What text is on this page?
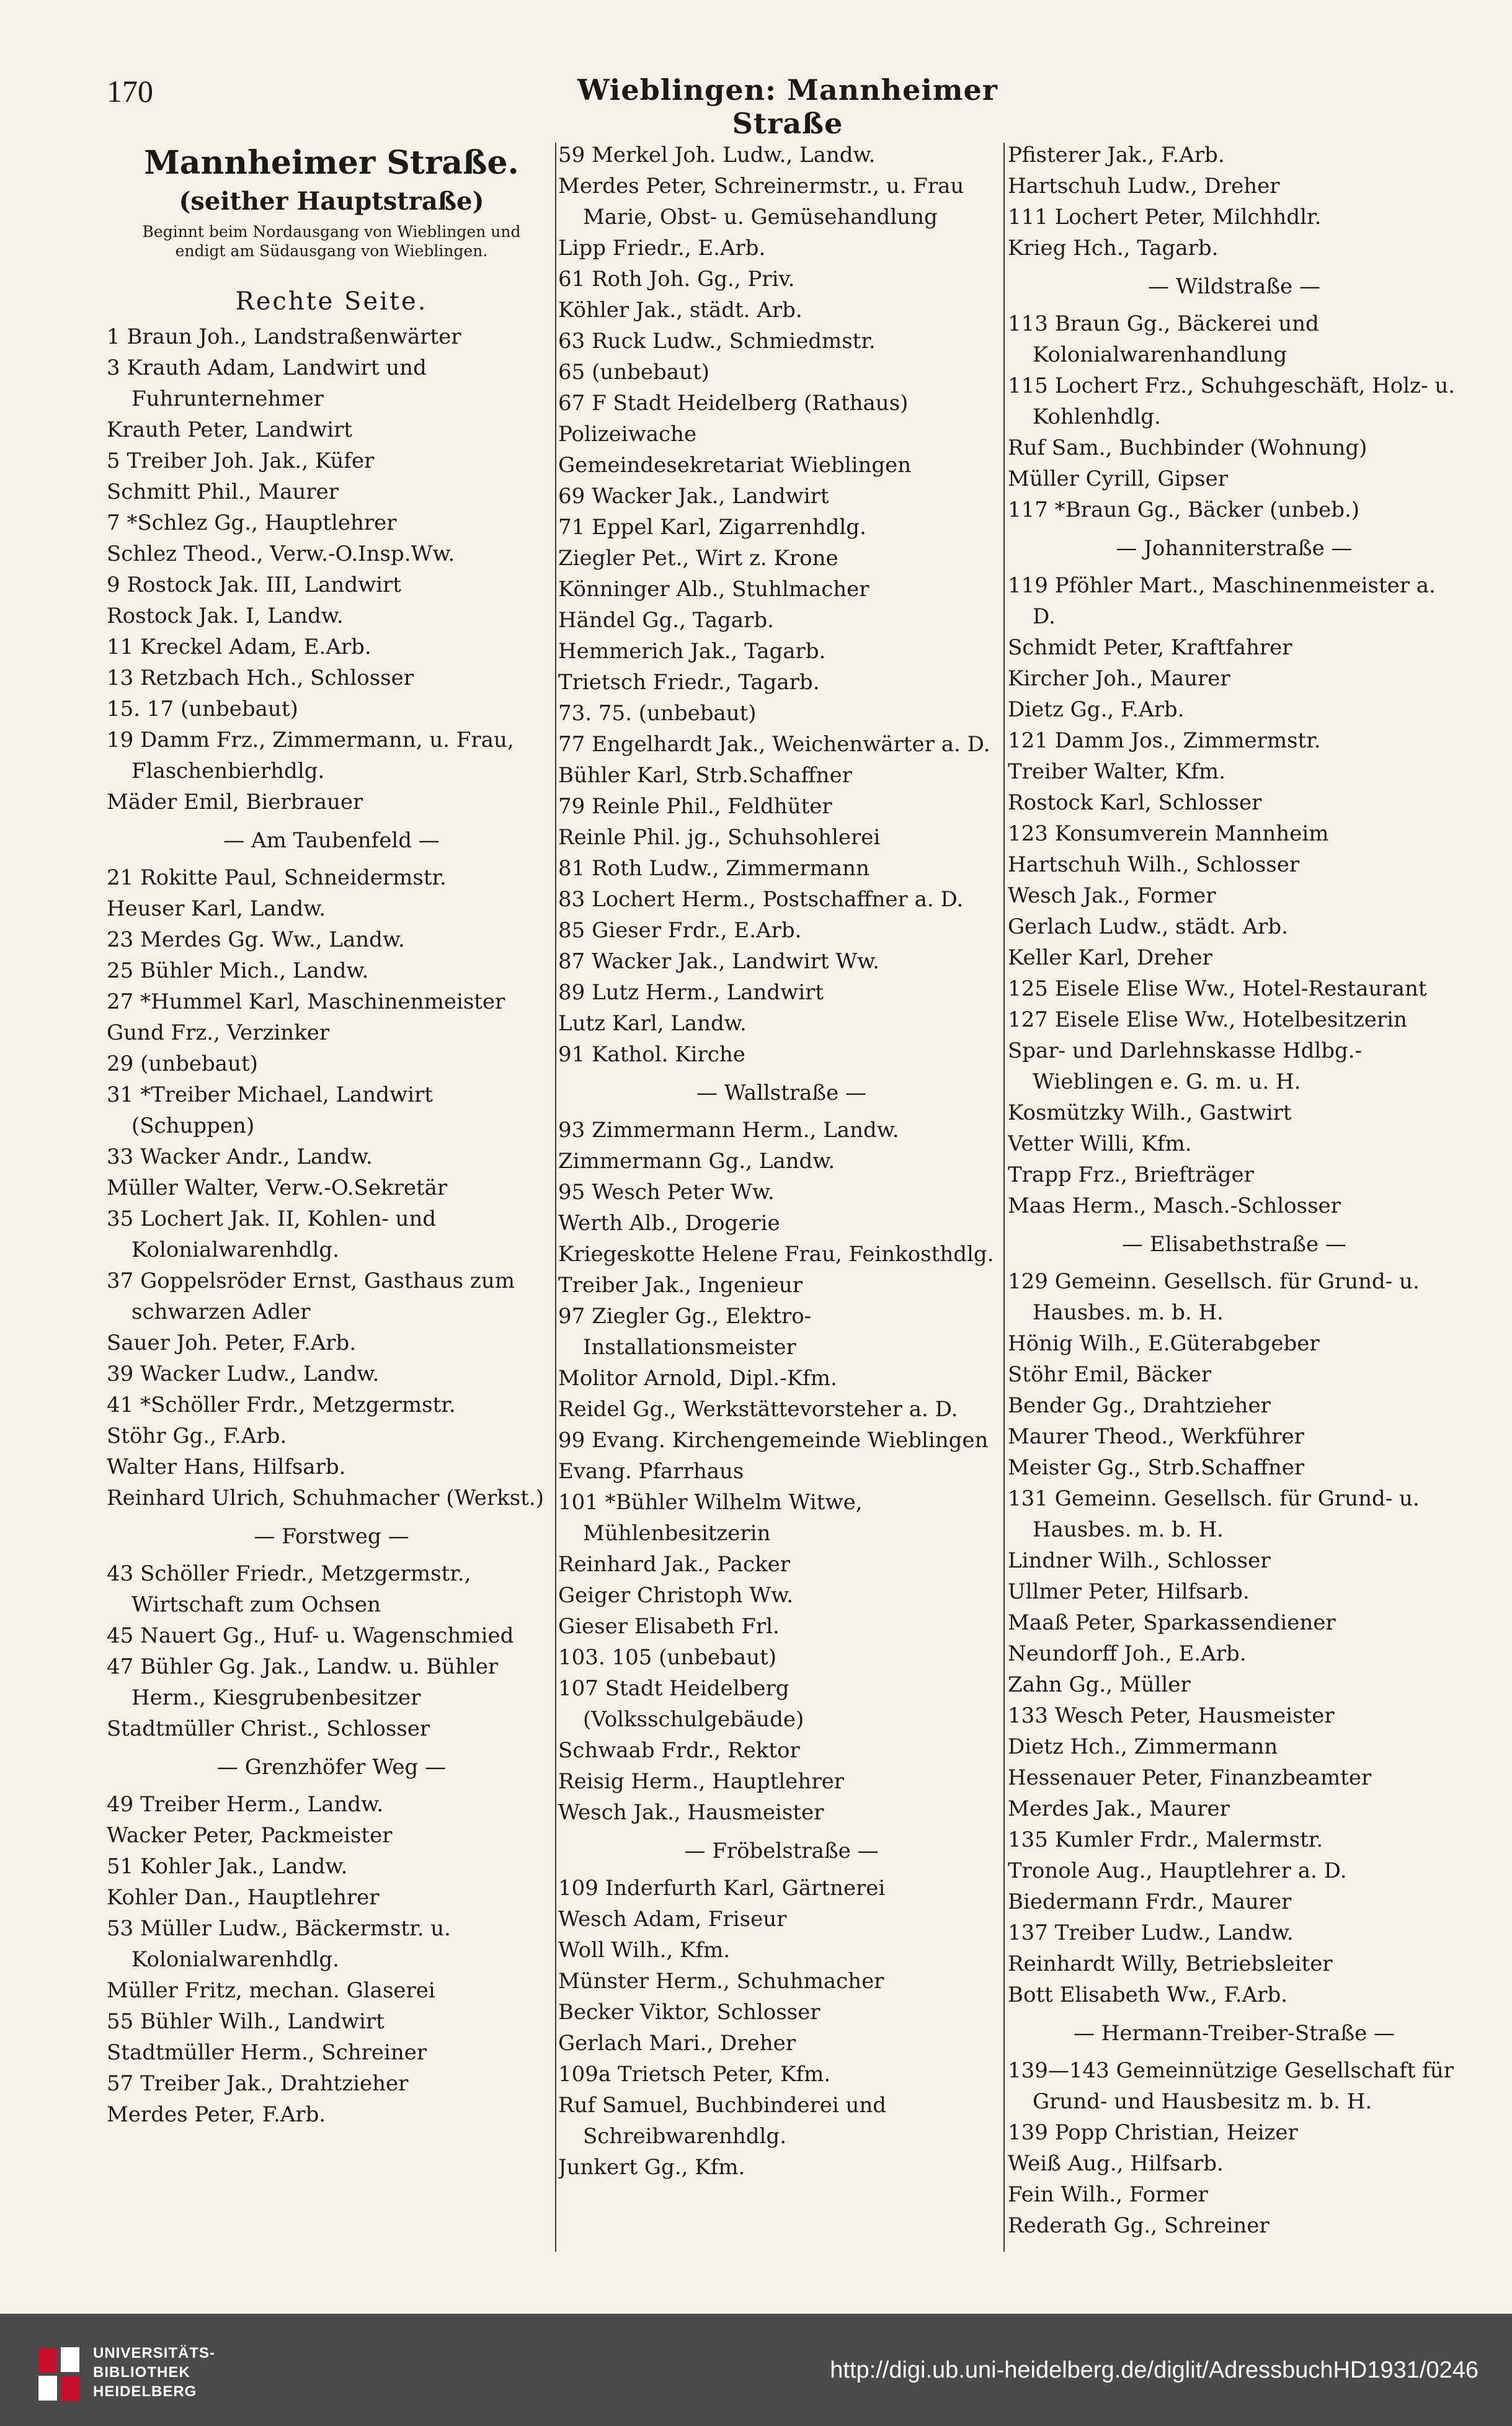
170	Wieblingen: Mannheimer Straße
Mannheimer Straße.
(seither Hauptstraße)
Beginnt beim Nordausgang von Wieblingen und endigt am Südausgang von Wieblingen.
Rechte Seite.
1 Braun Joh., Landstraßenwärter
3 Krauth Adam, Landwirt und Fuhrunternehmer
Krauth Peter, Landwirt
5 Treiber Joh. Jak., Küfer
Schmitt Phil., Maurer
7 *Schlez Gg., Hauptlehrer
Schlez Theod., Verw.-O.Insp.Ww.
9 Rostock Jak. III, Landwirt
Rostock Jak. I, Landw.
11 Kreckel Adam, E.Arb.
13 Retzbach Hch., Schlosser
15. 17 (unbebaut)
19 Damm Frz., Zimmermann, u. Frau, Flaschenbierhdlg.
Mäder Emil, Bierbrauer
— Am Taubenfeld —
21 Rokitte Paul, Schneidermstr.
Heuser Karl, Landw.
23 Merdes Gg. Ww., Landw.
25 Bühler Mich., Landw.
27 *Hummel Karl, Maschinenmeister
Gund Frz., Verzinker
29 (unbebaut)
31 *Treiber Michael, Landwirt (Schuppen)
33 Wacker Andr., Landw.
Müller Walter, Verw.-O.Sekretär
35 Lochert Jak. II, Kohlen- und Kolonialwarenhdlg.
37 Goppelsröder Ernst, Gasthaus zum schwarzen Adler
Sauer Joh. Peter, F.Arb.
39 Wacker Ludw., Landw.
41 *Schöller Frdr., Metzgermstr.
Stöhr Gg., F.Arb.
Walter Hans, Hilfsarb.
Reinhard Ulrich, Schuhmacher (Werkst.)
— Forstweg —
43 Schöller Friedr., Metzgermstr., Wirtschaft zum Ochsen
45 Nauert Gg., Huf- u. Wagenschmied
47 Bühler Gg. Jak., Landw. u. Bühler Herm., Kiesgrubenbesitzer
Stadtmüller Christ., Schlosser
— Grenzhöfer Weg —
49 Treiber Herm., Landw.
Wacker Peter, Packmeister
51 Kohler Jak., Landw.
Kohler Dan., Hauptlehrer
53 Müller Ludw., Bäckermstr. u. Kolonialwarenhdlg.
Müller Fritz, mechan. Glaserei
55 Bühler Wilh., Landwirt
Stadtmüller Herm., Schreiner
57 Treiber Jak., Drahtzieher
Merdes Peter, F.Arb.
59 Merkel Joh. Ludw., Landw.
Merdes Peter, Schreinermstr., u. Frau Marie, Obst- u. Gemüsehandlung
Lipp Friedr., E.Arb.
61 Roth Joh. Gg., Priv.
Köhler Jak., städt. Arb.
63 Ruck Ludw., Schmiedmstr.
65 (unbebaut)
67 F Stadt Heidelberg (Rathaus)
Polizeiwache
Gemeindesekretariat Wieblingen
69 Wacker Jak., Landwirt
71 Eppel Karl, Zigarrenhdlg.
Ziegler Pet., Wirt z. Krone
Könninger Alb., Stuhlmacher
Händel Gg., Tagarb.
Hemmerich Jak., Tagarb.
Trietsch Friedr., Tagarb.
73. 75. (unbebaut)
77 Engelhardt Jak., Weichenwärter a. D.
Bühler Karl, Strb.Schaffner
79 Reinle Phil., Feldhüter
Reinle Phil. jg., Schuhsohlerei
81 Roth Ludw., Zimmermann
83 Lochert Herm., Postschaffner a. D.
85 Gieser Frdr., E.Arb.
87 Wacker Jak., Landwirt Ww.
89 Lutz Herm., Landwirt
Lutz Karl, Landw.
91 Kathol. Kirche
— Wallstraße —
93 Zimmermann Herm., Landw.
Zimmermann Gg., Landw.
95 Wesch Peter Ww.
Werth Alb., Drogerie
Kriegeskotte Helene Frau, Feinkosthdlg.
Treiber Jak., Ingenieur
97 Ziegler Gg., Elektro-Installationsmeister
Molitor Arnold, Dipl.-Kfm.
Reidel Gg., Werkstättevorsteher a. D.
99 Evang. Kirchengemeinde Wieblingen
Evang. Pfarrhaus
101 *Bühler Wilhelm Witwe, Mühlenbesitzerin
Reinhard Jak., Packer
Geiger Christoph Ww.
Gieser Elisabeth Frl.
103. 105 (unbebaut)
107 Stadt Heidelberg (Volksschulgebäude)
Schwaab Frdr., Rektor
Reisig Herm., Hauptlehrer
Wesch Jak., Hausmeister
— Fröbelstraße —
109 Inderfurth Karl, Gärtnerei
Wesch Adam, Friseur
Woll Wilh., Kfm.
Münster Herm., Schuhmacher
Becker Viktor, Schlosser
Gerlach Mari., Dreher
109a Trietsch Peter, Kfm.
Ruf Samuel, Buchbinderei und Schreibwarenhdlg.
Junkert Gg., Kfm.
Pfisterer Jak., F.Arb.
Hartschuh Ludw., Dreher
111 Lochert Peter, Milchhdlr.
Krieg Hch., Tagarb.
— Wildstraße —
113 Braun Gg., Bäckerei und Kolonialwarenhandlung
115 Lochert Frz., Schuhgeschäft, Holz- u. Kohlenhdlg.
Ruf Sam., Buchbinder (Wohnung)
Müller Cyrill, Gipser
117 *Braun Gg., Bäcker (unbeb.)
— Johanniterstraße —
119 Pföhler Mart., Maschinenmeister a. D.
Schmidt Peter, Kraftfahrer
Kircher Joh., Maurer
Dietz Gg., F.Arb.
121 Damm Jos., Zimmermstr.
Treiber Walter, Kfm.
Rostock Karl, Schlosser
123 Konsumverein Mannheim
Hartschuh Wilh., Schlosser
Wesch Jak., Former
Gerlach Ludw., städt. Arb.
Keller Karl, Dreher
125 Eisele Elise Ww., Hotel-Restaurant
127 Eisele Elise Ww., Hotelbesitzerin
Spar- und Darlehnskasse Hdlbg.-Wieblingen e. G. m. u. H.
Kosmützky Wilh., Gastwirt
Vetter Willi, Kfm.
Trapp Frz., Briefträger
Maas Herm., Masch.-Schlosser
— Elisabethstraße —
129 Gemeinn. Gesellsch. für Grund- u. Hausbes. m. b. H.
Hönig Wilh., E.Güterabgeber
Stöhr Emil, Bäcker
Bender Gg., Drahtzieher
Maurer Theod., Werkführer
Meister Gg., Strb.Schaffner
131 Gemeinn. Gesellsch. für Grund- u. Hausbes. m. b. H.
Lindner Wilh., Schlosser
Ullmer Peter, Hilfsarb.
Maaß Peter, Sparkassendiener
Neundorff Joh., E.Arb.
Zahn Gg., Müller
133 Wesch Peter, Hausmeister
Dietz Hch., Zimmermann
Hessenauer Peter, Finanzbeamter
Merdes Jak., Maurer
135 Kumler Frdr., Malermstr.
Tronole Aug., Hauptlehrer a. D.
Biedermann Frdr., Maurer
137 Treiber Ludw., Landw.
Reinhardt Willy, Betriebsleiter
Bott Elisabeth Ww., F.Arb.
— Hermann-Treiber-Straße —
139—143 Gemeinnützige Gesellschaft für Grund- und Hausbesitz m. b. H.
139 Popp Christian, Heizer
Weiß Aug., Hilfsarb.
Fein Wilh., Former
Rederath Gg., Schreiner
UNIVERSITÄTS-
BIBLIOTHEK
HEIDELBERG
http://digi.ub.uni-heidelberg.de/diglit/AdressbuchHD1931/0246
